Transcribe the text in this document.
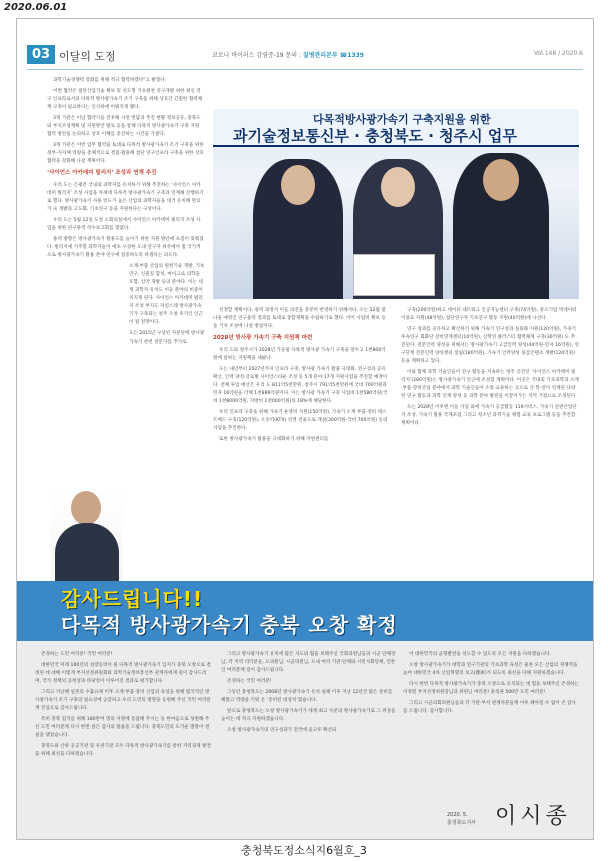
2020.06.01
03 이달의 도정	코로나 바이러스 감염증-19 문의 : 질병관리본부 ☎1339	Vol.148 / 2020.6

과학기술경쟁력 강화를 위해 적극 협력하겠다”고 밝혔다.

이번 협약은 첨단산업기술 확보 및 선도형 기초원천 연구개발 위한 최신 연구 인프라로서의 다목적 방사광가속기 조기 구축을 위해 상호간 긴밀한 협력체계 구축이 필요하다는 인식하에 이뤄지게 됐다.

3개 기관은 이날 협약식을 전후해 사전 면담과 추진 현황 정보공유, 충북도와 부지조성계획 및 지원방안 발표 등을 통해 다목적 방사광가속기 구축 지원 협력 방안을 논의하고 상호 이해를 증진하는 시간을 가졌다.

3개 기관은 이번 업무 협약을 토대로 다목적 방사광가속기 조기 구축을 위한 정부-지자체 역량을 총체적으로 결집·활용해 첨단 연구인프라 구축을 위한 상호 협력을 강화해 나갈 계획이다.

‘사이언스 아카데미 빌리지’ 조성과 연계 추진

우리 도는 은평폰 국내외 과학자를 유치하기 위해 추진하는 ‘사이언스 아카데미 빌리지’ 조성 사업을 차세대 다목적 방사광가속기 구축과 연계해 진행하기로 했다. 방사광가속기 사용 빈도가 높은 산업의 과학자들을 대거 유치해 완료가 숙 개발과 고도화, 기초연구 등을 지원한다는 구상이다.

우리 도는 5월 12일 도청 소회의실에서 사이언스 아카데미 빌리지 조성 사업을 위한 연구용역 착수보고회를 열었다.

용역 방향은 방사광가속기 활용도를 높이기 위한 지원 방안에 초점이 맞춰졌다. 빌리지에 거주할 과학자들이 애초 구상한 도내 연구자 위주에서 범 국가적으로 방사광가속기 활용 분야 연구에 집중하도록 하겠다는 의도다.

소재·부품 산업의 원천기술 개발, 기초연구, 신물질 합성, 마이크로 의학을 포함, 신약 개발 등의 분야다. 이는 세계 과학자 유치도 이들 분야의 비중이 커지게 된다. 사이언스 아카데미 빌리지 조성 부지도 자연스레 방사광가속기가 구축되는 청주 오창 후기인 인근이 될 전망이다.

도는 2015년 구상된 자문단에 방사광가속기 관련 전문가를 추가로

다목적방사광가속기 구축지원을 위한
과기술정보통신부 · 충청북도 · 청주시 업무

선정할 계획이다. 용역 과정서 이들 의견을 충분히 반영하기 위해서다. 오는 12월 말 나올 예정인 연구용역 결과를 토대로 종합계획을 수립하기로 했다. 이어 사업비 확보 등을 거쳐 조성에 나설 방침이다.

2028년 방사광 가속기 구축 지원책 마련

우리 도와 청주시가 2028년 가동될 다목적 방사광 가속기 구축을 앞두고 1천800억원에 달하는 지원책을 내놨다.

도는 내년부터 2027년까지 인프라 구축, 방사광 가속기 활용 극대화, 연구성과 공유 확산, 인력 양성·글로벌 사이언스타운 조성 등 5개 분야 17개 지원사업을 추진할 예정이다. 전체 투입 예산은 우리 도 811억5천만원, 청주시 791억5천만원에 국비 700억원과 민자 16억원을 더해 1천889억원이다. 이는 방사광 가속기 구축 사업비 1천580억원(국비 1천8000억원, 지방비 1천000억원)의 18%에 해당한다.

우리 인프라 구축을 위해 가속기 운영비 지원(150억원), 가속기 소재·부품·장비 테스트베드 구축(120억원), 오송역(KTX) 연결 전용도로 개설(300억원-국비 700억원) 등의 사업을 추진한다.

또한 방사광가속기 활용을 극대화하기 위해 지원센터를

구축(200억원)하고 데이터 네트워크 인공지능센터 구축(74억원), 중소기업 빅데이터 이용료 지원(48억원), 첨단연구자 기초연구 활동 지원(40억원)에 나선다.

연구 성과를 공유하고 확산하기 위해 가속기 연구성과 실용화 지원(120억원), 가속기 후속연구 회화단 장비연계센터(10억원), 산학연 클러스터 협력체계 구축(30억원) 도 추진된다. 전문인력 양성을 위해서는 방사광가속기 고급인력 양성(44억원-민자 16억원), 연구단계 전문인력 양성센터 설립(180억원), 가속기 인력양성 실감콘텐츠 개발(120억원) 등을 계획하고 있다.

이와 함께 과학 기술인들이 연구 활동을 지속하는 청주 공간인 ‘사이언스 아카데미 빌리지’(280억원)는 방사광가속기 인근에 조성할 계획이다. 이곳은 국내외 기초과학과 소재·부품·장비산업 분야에서 과학 기술인들이 소통·교류하는 곳으로 산·학·연이 연계된 다양한 연구 활동과 과학 인재 양성 등 과학 분야 발전을 이끌어가는 지역 거점으로 조성된다.

도는 2028년 이후엔 이들 사업 외에 가속기 응급활동 119서비스, 가속기 연관산업단지 조성, 가속기 활용 국제포럼 그리고 청소년 과학기술 체험·교육 프로그램 등을 추진할 계획이다.

감사드립니다!!
다목적 방사광가속기 충북 오창 확정

존경하는 도민 여러분! 국민 여러분!

대한민국 미래 100년의 성장동력이 될 다목적 방사광가속기 입지가 충북 오창으로 결정된 데 대해 이렇게 부지선정위원회와 과학기술정보통신부 관계자에게 깊이 감사드리며, 국가 정책의 공정성과 타당성이 이루어진 결과로 평가합니다.

그리고 지난해 일본의 수출규제 이후 소재·부품·장비 산업의 육성을 위해 범국적인 방사광가속기 조기 구축의 필요성에 공감하고 우리 도민의 열망을 응원해 주신 국민 여러분께 진심으로 감사드립니다.

특히 충북 엄지를 위해 180만여 명의 서명에 동참해 주시는 등 한마음으로 성원해 주신 도민 여러분께 다시 한번 깊은 감사의 말씀을 드립니다. 충북도민의 뜨거운 열망이 결실을 맺었습니다.

충북도와 산하 공공기관 및 유관기관 모두 다목적 방사광가속기를 통한 지역경제 발전을 위해 최선을 다하겠습니다.

그리고 방사광가속기 유치에 많은 지도와 협을 보태주신 국회의원님들과 시군 단체장님, 각 지역 리더분들, 도의원님, 시군의원님, 도내 여러 기관·단체와 시민사회단체, 언론인 여러분께 깊이 감사드립니다.

존경하는 국민 여러분!

그동안 충청북도는 2008년 방사광가속기 유치 실패 이후 지난 12년간 많은 준비를 해왔고 역량을 키워 온 ‘준비된 대상지’였습니다.

앞으로 충청북도는 오창 방사광가속기가 세계 최고 수준의 방사광가속기로 그 위상을 높이는 데 적극 지원하겠습니다.

오창 방사광가속기의 연구성과가 전국에 골고루 확산되

어 대한민국의 균형발전을 선도할 수 있도록 모든 지원을 다하겠습니다.

오창 방사광가속기가 대학과 연구기관의 기초과학 육성은 물론 모든 산업의 경쟁력을 높여 대한민국 4차 산업혁명의 보고(寶庫)가 되도록 최선을 다해 지원하겠습니다.

다시 한번 다목적 방사광가속기가 충북 오창으로 유치되는 데 힘을 보태주신 존경하는 이정렬 부지선정위원장님과 위원님 여러분! 충청권 500만 도민 여러분!

그리고 시군의회의원님들과 각 기관·부서 관계자분들께 이루 헤아릴 수 없이 큰 감사를 드립니다. 감사합니다.

2020. 5.
충청북도지사 이시종
충청북도정소식지6월호_3
